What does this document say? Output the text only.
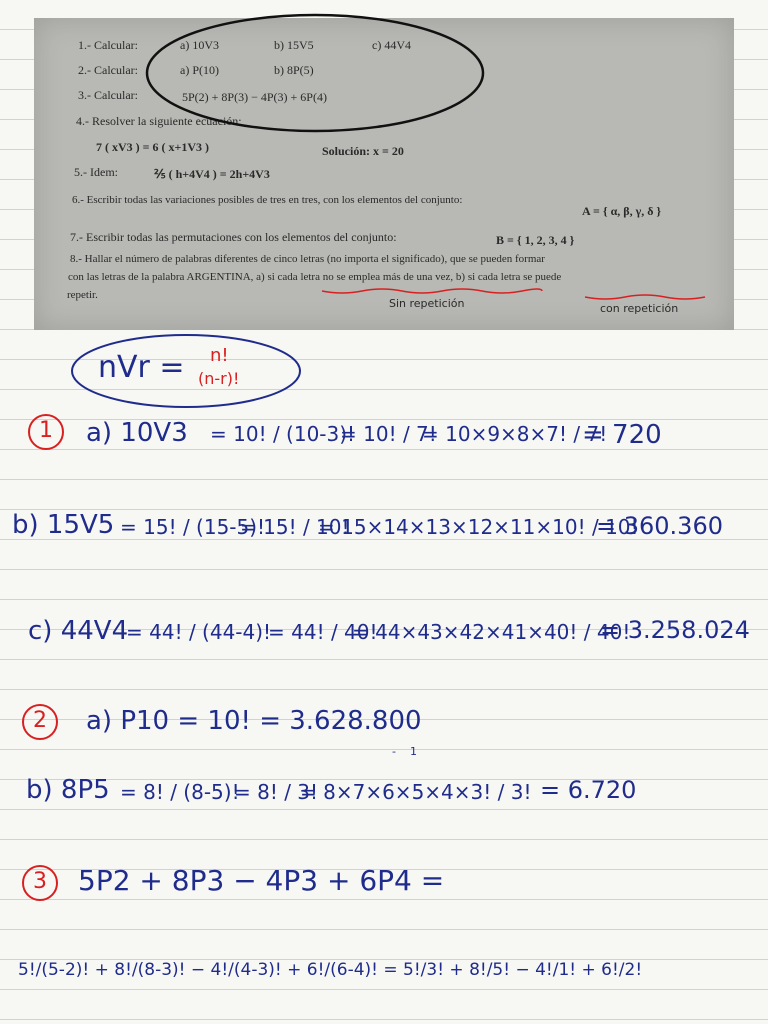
1.- Calcular:	a) 10V3	b) 15V5	c) 44V4
2.- Calcular:	a) P(10)	b) 8P(5)
3.- Calcular:	5P(2) + 8P(3) − 4P(3) + 6P(4)
4.- Resolver la siguiente ecuación:
7 ( xV3 ) = 6 ( x+1V3 )	Solución: x = 20
5.- Idem:	⅖ ( h+4V4 ) = 2h+4V3
6.- Escribir todas las variaciones posibles de tres en tres, con los elementos del conjunto:
A = { α, β, γ, δ }
7.- Escribir todas las permutaciones con los elementos del conjunto:	B = { 1, 2, 3, 4 }
8.- Hallar el número de palabras diferentes de cinco letras (no importa el significado), que se pueden formar
con las letras de la palabra ARGENTINA, a) si cada letra no se emplea más de una vez, b) si cada letra se puede
repetir.
Sin repetición	con repetición
nVr = n!
(n-r)!
1 a) 10V3 = 10! / (10-3)!
= 10! / 7!
= 10×9×8×7! / 7!
= 720
b) 15V5 = 15! / (15-5)!
= 15! / 10!
= 15×14×13×12×11×10! / 10!
= 360.360
c) 44V4
= 44! / (44-4)!
= 44! / 40!
= 44×43×42×41×40! / 40!
= 3.258.024
2 a) P10 = 10! = 3.628.800
-1
b) 8P5 = 8! / (8-5)!
= 8! / 3!
= 8×7×6×5×4×3! / 3! = 6.720
3 5P2 + 8P3 − 4P3 + 6P4 =
5!/(5-2)! + 8!/(8-3)! − 4!/(4-3)! + 6!/(6-4)! = 5!/3! + 8!/5! − 4!/1! + 6!/2!
